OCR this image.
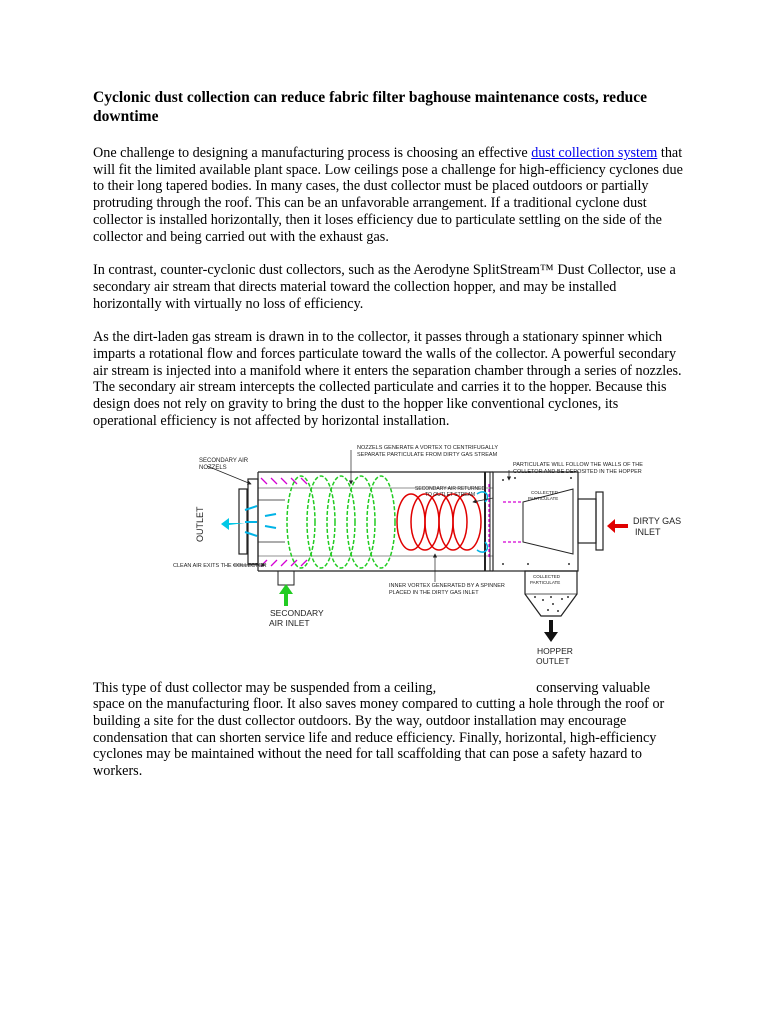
Cyclonic dust collection can reduce fabric filter baghouse maintenance costs, reduce downtime

One challenge to designing a manufacturing process is choosing an effective dust collection system that will fit the limited available plant space. Low ceilings pose a challenge for high-efficiency cyclones due to their long tapered bodies. In many cases, the dust collector must be placed outdoors or partially protruding through the roof. This can be an unfavorable arrangement. If a traditional cyclone dust collector is installed horizontally, then it loses efficiency due to particulate settling on the side of the collector and being carried out with the exhaust gas.

In contrast, counter-cyclonic dust collectors, such as the Aerodyne SplitStream™ Dust Collector, use a secondary air stream that directs material toward the collection hopper, and may be installed horizontally with virtually no loss of efficiency.

As the dirt-laden gas stream is drawn in to the collector, it passes through a stationary spinner which imparts a rotational flow and forces particulate toward the walls of the collector. A powerful secondary air stream is injected into a manifold where it enters the separation chamber through a series of nozzles. The secondary air stream intercepts the collected particulate and carries it to the hopper. Because this design does not rely on gravity to bring the dust to the hopper like conventional cyclones, its operational efficiency is not affected by horizontal installation.

SECONDARY AIR
NOZZELS
NOZZELS GENERATE A VORTEX TO CENTRIFUGALLY
SEPARATE PARTICULATE FROM DIRTY GAS STREAM
PARTICULATE WILL FOLLOW THE WALLS OF THE
COLLETOR AND BE DEPOSITED IN THE HOPPER
SECONDARY AIR RETURNED
TO OUTLET STREAM	COLLECTED
PARTICULATE
COLLECTED
PARTICULATE
OUTLET	DIRTY GAS
INLET
CLEAN AIR EXITS THE COLLECTOR
INNER VORTEX GENERATED BY A SPINNER
PLACED IN THE DIRTY GAS INLET
SECONDARY
AIR INLET
HOPPER
OUTLET

This type of dust collector may be suspended from a ceiling,	conserving valuable space on the manufacturing floor. It also saves money compared to cutting a hole through the roof or building a site for the dust collector outdoors. By the way, outdoor installation may encourage condensation that can shorten service life and reduce efficiency. Finally, horizontal, high-efficiency cyclones may be maintained without the need for tall scaffolding that can pose a safety hazard to workers.
